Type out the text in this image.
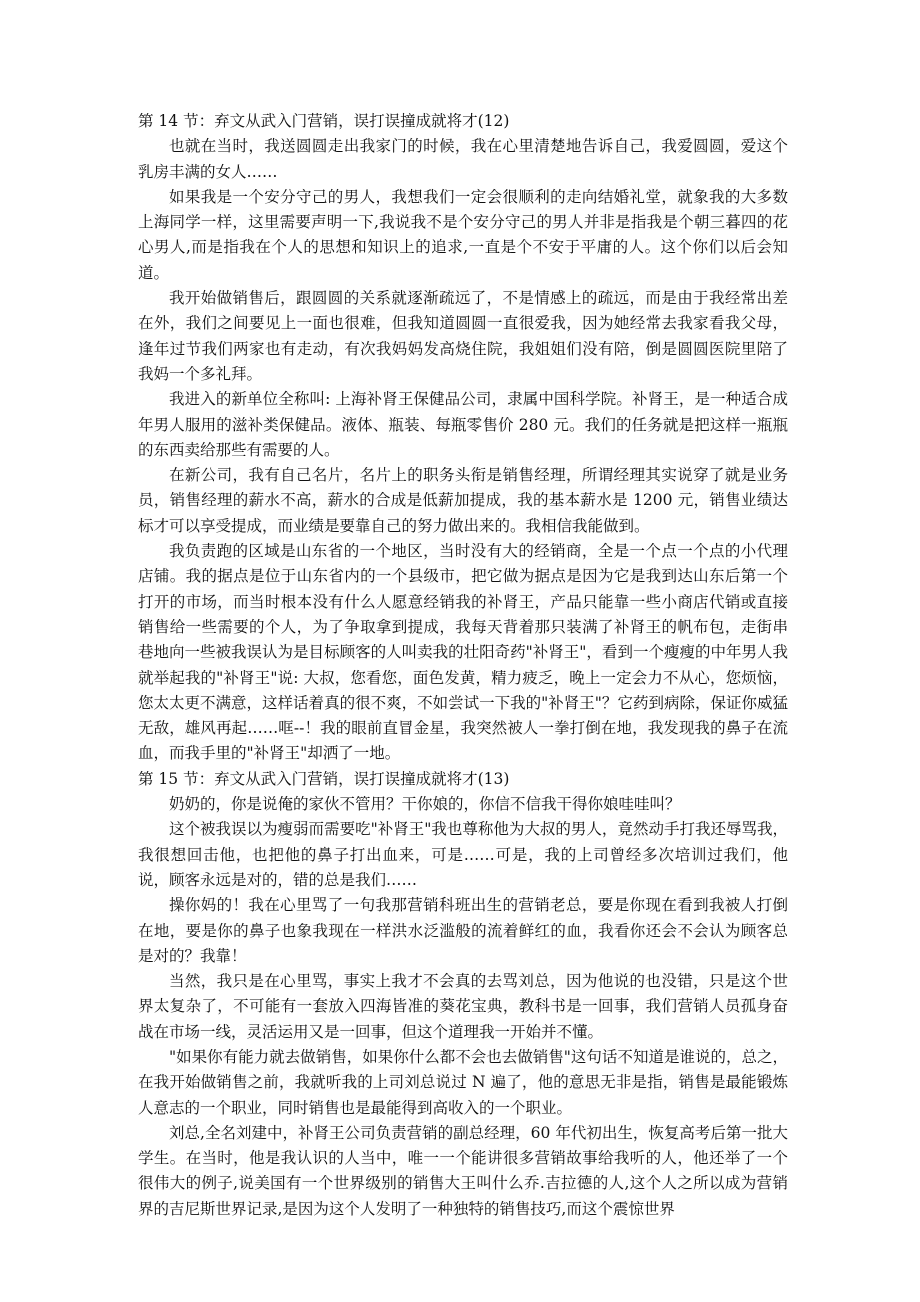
第 14 节：弃文从武入门营销，误打误撞成就将才(12)

也就在当时，我送圆圆走出我家门的时候，我在心里清楚地告诉自己，我爱圆圆，爱这个乳房丰满的女人……

如果我是一个安分守己的男人，我想我们一定会很顺利的走向结婚礼堂，就象我的大多数上海同学一样，这里需要声明一下,我说我不是个安分守己的男人并非是指我是个朝三暮四的花心男人,而是指我在个人的思想和知识上的追求,一直是个不安于平庸的人。这个你们以后会知道。

我开始做销售后，跟圆圆的关系就逐渐疏远了，不是情感上的疏远，而是由于我经常出差在外，我们之间要见上一面也很难，但我知道圆圆一直很爱我，因为她经常去我家看我父母，逢年过节我们两家也有走动，有次我妈妈发高烧住院，我姐姐们没有陪，倒是圆圆医院里陪了我妈一个多礼拜。

我进入的新单位全称叫: 上海补肾王保健品公司，隶属中国科学院。补肾王，是一种适合成年男人服用的滋补类保健品。液体、瓶装、每瓶零售价 280 元。我们的任务就是把这样一瓶瓶的东西卖给那些有需要的人。

在新公司，我有自己名片，名片上的职务头衔是销售经理，所谓经理其实说穿了就是业务员，销售经理的薪水不高，薪水的合成是低薪加提成，我的基本薪水是 1200 元，销售业绩达标才可以享受提成，而业绩是要靠自己的努力做出来的。我相信我能做到。

我负责跑的区域是山东省的一个地区，当时没有大的经销商，全是一个点一个点的小代理店铺。我的据点是位于山东省内的一个县级市，把它做为据点是因为它是我到达山东后第一个打开的市场，而当时根本没有什么人愿意经销我的补肾王，产品只能靠一些小商店代销或直接销售给一些需要的个人，为了争取拿到提成，我每天背着那只装满了补肾王的帆布包，走街串巷地向一些被我误认为是目标顾客的人叫卖我的壮阳奇药"补肾王"，看到一个瘦瘦的中年男人我就举起我的"补肾王"说: 大叔，您看您，面色发黄，精力疲乏，晚上一定会力不从心，您烦恼，您太太更不满意，这样话着真的很不爽，不如尝试一下我的"补肾王"？它药到病除，保证你威猛无敌，雄风再起……哐--！我的眼前直冒金星，我突然被人一拳打倒在地，我发现我的鼻子在流血，而我手里的"补肾王"却洒了一地。

第 15 节：弃文从武入门营销，误打误撞成就将才(13)

奶奶的，你是说俺的家伙不管用？干你娘的，你信不信我干得你娘哇哇叫？

这个被我误以为瘦弱而需要吃"补肾王"我也尊称他为大叔的男人，竟然动手打我还辱骂我，我很想回击他，也把他的鼻子打出血来，可是……可是，我的上司曾经多次培训过我们，他说，顾客永远是对的，错的总是我们……

操你妈的！我在心里骂了一句我那营销科班出生的营销老总，要是你现在看到我被人打倒在地，要是你的鼻子也象我现在一样洪水泛滥般的流着鲜红的血，我看你还会不会认为顾客总是对的？我靠！

当然，我只是在心里骂，事实上我才不会真的去骂刘总，因为他说的也没错，只是这个世界太复杂了，不可能有一套放入四海皆准的葵花宝典，教科书是一回事，我们营销人员孤身奋战在市场一线，灵活运用又是一回事，但这个道理我一开始并不懂。

"如果你有能力就去做销售，如果你什么都不会也去做销售"这句话不知道是谁说的，总之，在我开始做销售之前，我就听我的上司刘总说过 N 遍了，他的意思无非是指，销售是最能锻炼人意志的一个职业，同时销售也是最能得到高收入的一个职业。

刘总,全名刘建中，补肾王公司负责营销的副总经理，60 年代初出生，恢复高考后第一批大学生。在当时，他是我认识的人当中，唯一一个能讲很多营销故事给我听的人，他还举了一个很伟大的例子,说美国有一个世界级别的销售大王叫什么乔.吉拉德的人,这个人之所以成为营销界的吉尼斯世界记录,是因为这个人发明了一种独特的销售技巧,而这个震惊世界
